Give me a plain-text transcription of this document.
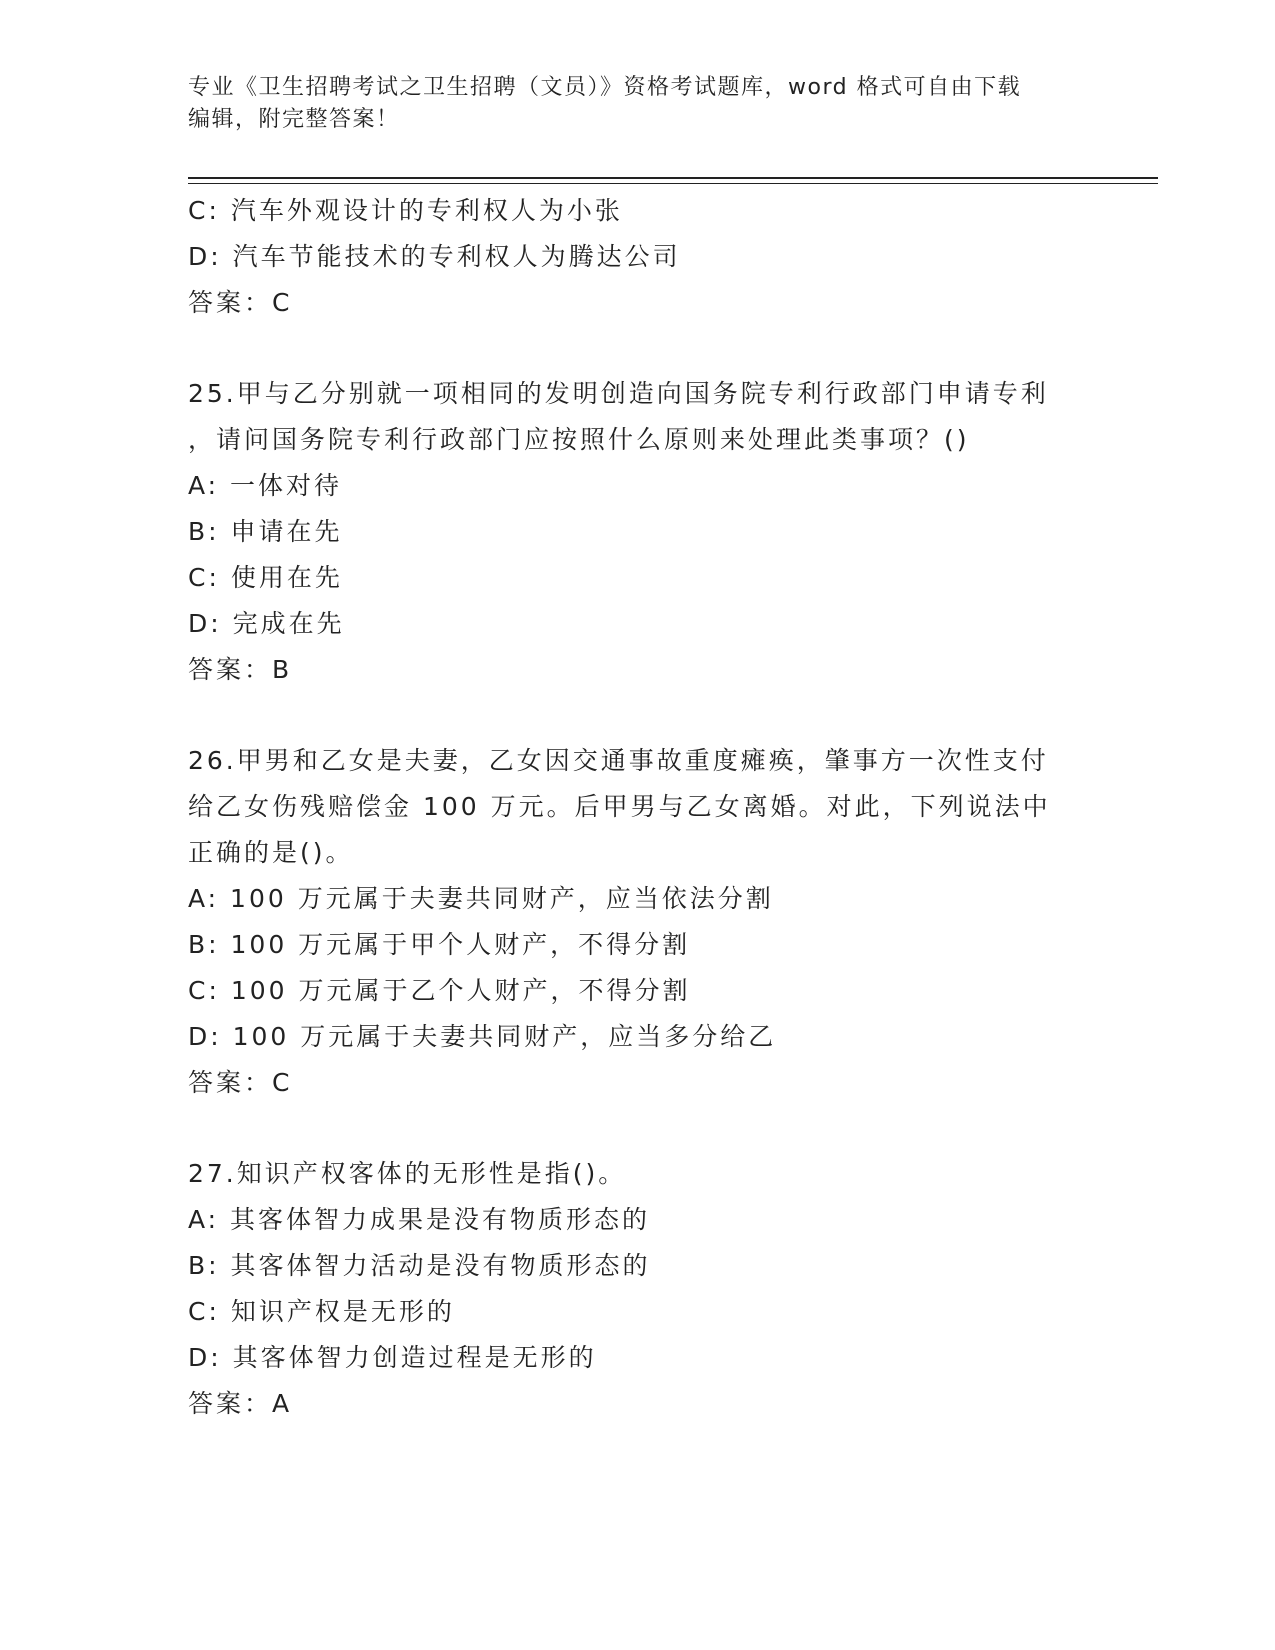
专业《卫生招聘考试之卫生招聘（文员）》资格考试题库，word 格式可自由下载
编辑，附完整答案！
C: 汽车外观设计的专利权人为小张
D: 汽车节能技术的专利权人为腾达公司
答案：C
25.甲与乙分别就一项相同的发明创造向国务院专利行政部门申请专利
，请问国务院专利行政部门应按照什么原则来处理此类事项？()
A: 一体对待
B: 申请在先
C: 使用在先
D: 完成在先
答案：B
26.甲男和乙女是夫妻，乙女因交通事故重度瘫痪，肇事方一次性支付
给乙女伤残赔偿金 100 万元。后甲男与乙女离婚。对此，下列说法中
正确的是()。
A: 100 万元属于夫妻共同财产，应当依法分割
B: 100 万元属于甲个人财产，不得分割
C: 100 万元属于乙个人财产，不得分割
D: 100 万元属于夫妻共同财产，应当多分给乙
答案：C
27.知识产权客体的无形性是指()。
A: 其客体智力成果是没有物质形态的
B: 其客体智力活动是没有物质形态的
C: 知识产权是无形的
D: 其客体智力创造过程是无形的
答案：A
